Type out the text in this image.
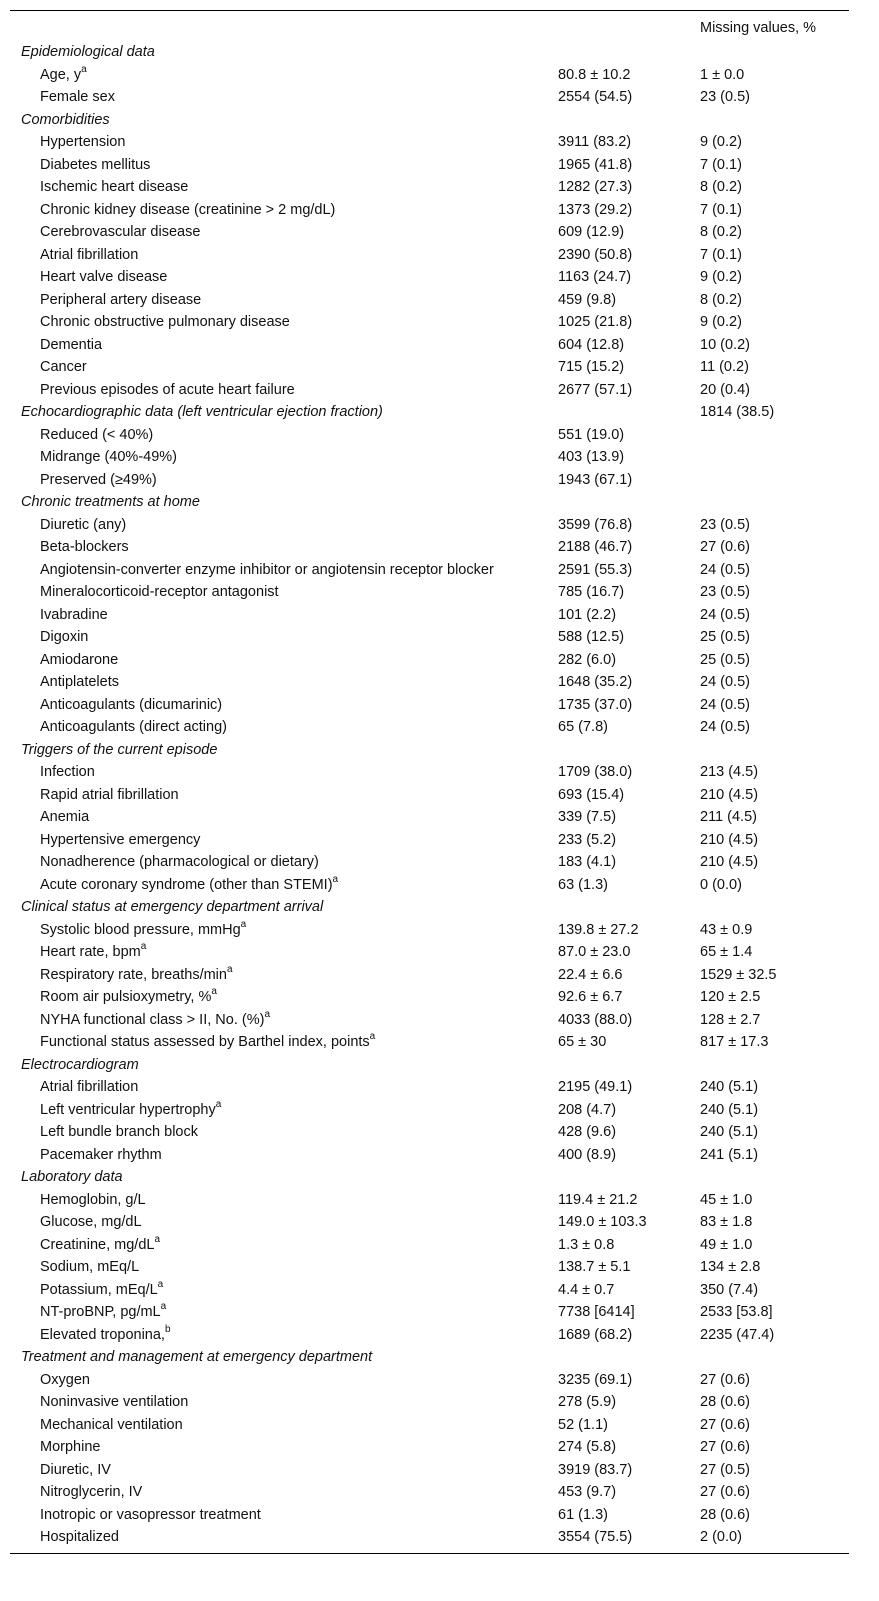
		Missing values, %
Epidemiological data		
Age, $y^a$	80.8 ± 10.2	1 ± 0.0
Female sex	2554 (54.5)	23 (0.5)
Comorbidities		
Hypertension	3911 (83.2)	9 (0.2)
Diabetes mellitus	1965 (41.8)	7 (0.1)
Ischemic heart disease	1282 (27.3)	8 (0.2)
Chronic kidney disease (creatinine > 2 mg/dL)	1373 (29.2)	7 (0.1)
Cerebrovascular disease	609 (12.9)	8 (0.2)
Atrial fibrillation	2390 (50.8)	7 (0.1)
Heart valve disease	1163 (24.7)	9 (0.2)
Peripheral artery disease	459 (9.8)	8 (0.2)
Chronic obstructive pulmonary disease	1025 (21.8)	9 (0.2)
Dementia	604 (12.8)	10 (0.2)
Cancer	715 (15.2)	11 (0.2)
Previous episodes of acute heart failure	2677 (57.1)	20 (0.4)
Echocardiographic data (left ventricular ejection fraction)		1814 (38.5)
Reduced (< 40%)	551 (19.0)	
Midrange (40%-49%)	403 (13.9)	
Preserved (≥49%)	1943 (67.1)	
Chronic treatments at home		
Diuretic (any)	3599 (76.8)	23 (0.5)
Beta-blockers	2188 (46.7)	27 (0.6)
Angiotensin-converter enzyme inhibitor or angiotensin receptor blocker	2591 (55.3)	24 (0.5)
Mineralocorticoid-receptor antagonist	785 (16.7)	23 (0.5)
Ivabradine	101 (2.2)	24 (0.5)
Digoxin	588 (12.5)	25 (0.5)
Amiodarone	282 (6.0)	25 (0.5)
Antiplatelets	1648 (35.2)	24 (0.5)
Anticoagulants (dicumarinic)	1735 (37.0)	24 (0.5)
Anticoagulants (direct acting)	65 (7.8)	24 (0.5)
Triggers of the current episode		
Infection	1709 (38.0)	213 (4.5)
Rapid atrial fibrillation	693 (15.4)	210 (4.5)
Anemia	339 (7.5)	211 (4.5)
Hypertensive emergency	233 (5.2)	210 (4.5)
Nonadherence (pharmacological or dietary)	183 (4.1)	210 (4.5)
Acute coronary syndrome (other than STEMI)$^a$	63 (1.3)	0 (0.0)
Clinical status at emergency department arrival		
Systolic blood pressure, mmHg$^a$	139.8 ± 27.2	43 ± 0.9
Heart rate, bpm$^a$	87.0 ± 23.0	65 ± 1.4
Respiratory rate, breaths/$\min^a$	22.4 ± 6.6	1529 ± 32.5
Room air pulsioxymetry, %$^a$	92.6 ± 6.7	120 ± 2.5
NYHA functional class > II, No. (%)$^a$	4033 (88.0)	128 ± 2.7
Functional status assessed by Barthel index, points$^a$	65 ± 30	817 ± 17.3
Electrocardiogram		
Atrial fibrillation	2195 (49.1)	240 (5.1)
Left ventricular hypertrophy$^a$	208 (4.7)	240 (5.1)
Left bundle branch block	428 (9.6)	240 (5.1)
Pacemaker rhythm	400 (8.9)	241 (5.1)
Laboratory data		
Hemoglobin, g/L	119.4 ± 21.2	45 ± 1.0
Glucose, mg/dL	149.0 ± 103.3	83 ± 1.8
Creatinine, $mg/dL^a$	1.3 ± 0.8	49 ± 1.0
Sodium, mEq/L	138.7 ± 5.1	134 ± 2.8
Potassium, mEq/$L^a$	4.4 ± 0.7	350 (7.4)
NT-proBNP, $pg/mL^a$	7738 [6414]	2533 [53.8]
Elevated troponina,$^b$	1689 (68.2)	2235 (47.4)
Treatment and management at emergency department		
Oxygen	3235 (69.1)	27 (0.6)
Noninvasive ventilation	278 (5.9)	28 (0.6)
Mechanical ventilation	52 (1.1)	27 (0.6)
Morphine	274 (5.8)	27 (0.6)
Diuretic, IV	3919 (83.7)	27 (0.5)
Nitroglycerin, IV	453 (9.7)	27 (0.6)
Inotropic or vasopressor treatment	61 (1.3)	28 (0.6)
Hospitalized	3554 (75.5)	2 (0.0)
